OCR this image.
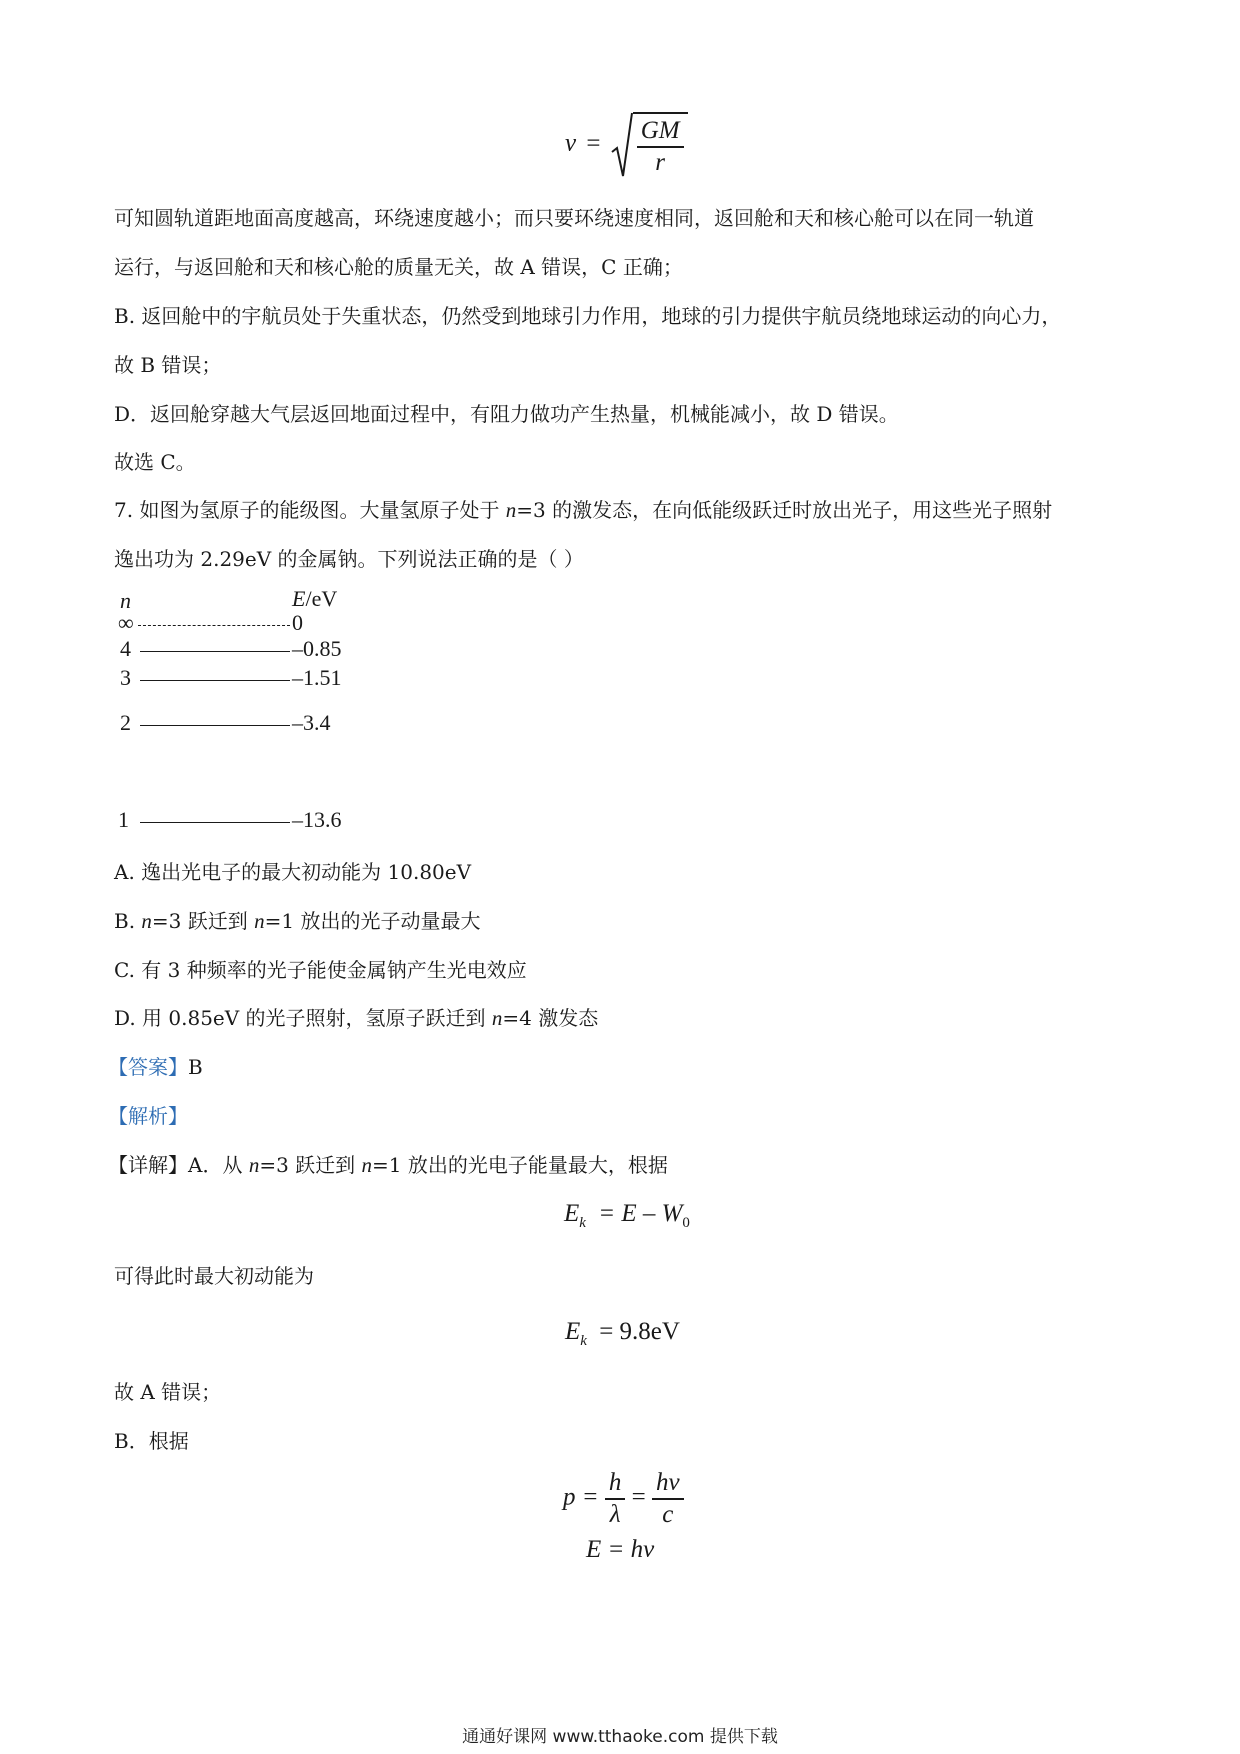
$v = \frac{GM}{r}$
可知圆轨道距地面高度越高，环绕速度越小；而只要环绕速度相同，返回舱和天和核心舱可以在同一轨道
运行，与返回舱和天和核心舱的质量无关，故 A 错误，C 正确；
B. 返回舱中的宇航员处于失重状态，仍然受到地球引力作用，地球的引力提供宇航员绕地球运动的向心力，
故 B 错误；
D．返回舱穿越大气层返回地面过程中，有阻力做功产生热量，机械能减小，故 D 错误。
故选 C。
7. 如图为氢原子的能级图。大量氢原子处于 n=3 的激发态，在向低能级跃迁时放出光子，用这些光子照射
逸出功为 2.29eV 的金属钠。下列说法正确的是（ ）
n	E/eV
∞	0
4	–0.85
3	–1.51
2	–3.4
1	–13.6
A. 逸出光电子的最大初动能为 10.80eV
B. n=3 跃迁到 n=1 放出的光子动量最大
C. 有 3 种频率的光子能使金属钠产生光电效应
D. 用 0.85eV 的光子照射，氢原子跃迁到 n=4 激发态
【答案】B
【解析】
【详解】A．从 n=3 跃迁到 n=1 放出的光电子能量最大，根据
$E_k = E - W_0$
可得此时最大初动能为
$E_k = 9.8eV$
故 A 错误；
B．根据
$p = \frac{h}{\lambda} = \frac{h\nu}{c}$
E = hν
通通好课网 www.tthaoke.com 提供下载
